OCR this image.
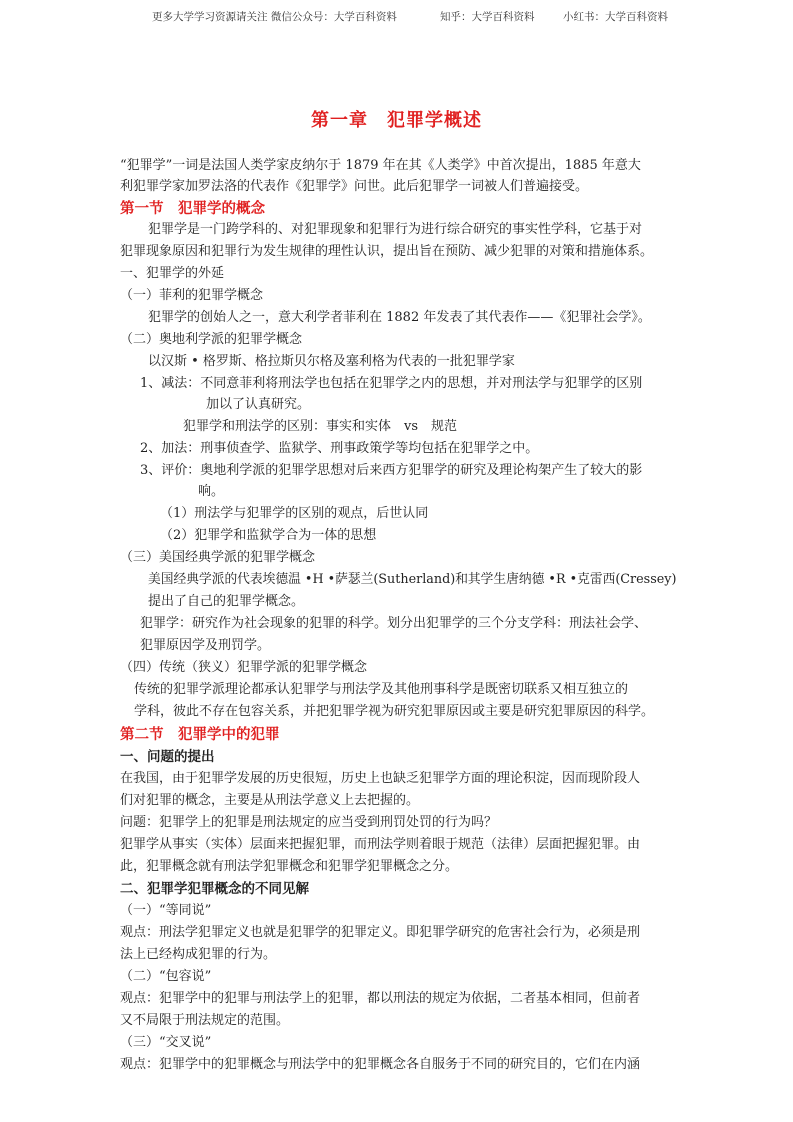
更多大学学习资源请关注 微信公众号：大学百科资料	知乎：大学百科资料	小红书：大学百科资料
第一章　犯罪学概述
“犯罪学”一词是法国人类学家皮纳尔于 1879 年在其《人类学》中首次提出，1885 年意大
利犯罪学家加罗法洛的代表作《犯罪学》问世。此后犯罪学一词被人们普遍接受。
第一节　犯罪学的概念
犯罪学是一门跨学科的、对犯罪现象和犯罪行为进行综合研究的事实性学科，它基于对
犯罪现象原因和犯罪行为发生规律的理性认识，提出旨在预防、减少犯罪的对策和措施体系。
一、犯罪学的外延
（一）菲利的犯罪学概念
犯罪学的创始人之一，意大利学者菲利在 1882 年发表了其代表作——《犯罪社会学》。
（二）奥地利学派的犯罪学概念
以汉斯 • 格罗斯、格拉斯贝尔格及塞利格为代表的一批犯罪学家
1、减法：不同意菲利将刑法学也包括在犯罪学之内的思想，并对刑法学与犯罪学的区别
加以了认真研究。
犯罪学和刑法学的区别：事实和实体　vs　规范
2、加法：刑事侦查学、监狱学、刑事政策学等均包括在犯罪学之中。
3、评价：奥地利学派的犯罪学思想对后来西方犯罪学的研究及理论构架产生了较大的影
响。
（1）刑法学与犯罪学的区别的观点，后世认同
（2）犯罪学和监狱学合为一体的思想
（三）美国经典学派的犯罪学概念
美国经典学派的代表埃德温 •H •萨瑟兰(Sutherland)和其学生唐纳德 •R •克雷西(Cressey)
提出了自己的犯罪学概念。
犯罪学：研究作为社会现象的犯罪的科学。划分出犯罪学的三个分支学科：刑法社会学、
犯罪原因学及刑罚学。
（四）传统（狭义）犯罪学派的犯罪学概念
传统的犯罪学派理论都承认犯罪学与刑法学及其他刑事科学是既密切联系又相互独立的
学科，彼此不存在包容关系，并把犯罪学视为研究犯罪原因或主要是研究犯罪原因的科学。
第二节　犯罪学中的犯罪
一、问题的提出
在我国，由于犯罪学发展的历史很短，历史上也缺乏犯罪学方面的理论积淀，因而现阶段人
们对犯罪的概念，主要是从刑法学意义上去把握的。
问题：犯罪学上的犯罪是刑法规定的应当受到刑罚处罚的行为吗？
犯罪学从事实（实体）层面来把握犯罪，而刑法学则着眼于规范（法律）层面把握犯罪。由
此，犯罪概念就有刑法学犯罪概念和犯罪学犯罪概念之分。
二、犯罪学犯罪概念的不同见解
（一）“等同说”
观点：刑法学犯罪定义也就是犯罪学的犯罪定义。即犯罪学研究的危害社会行为，必须是刑
法上已经构成犯罪的行为。
（二）“包容说”
观点：犯罪学中的犯罪与刑法学上的犯罪，都以刑法的规定为依据，二者基本相同，但前者
又不局限于刑法规定的范围。
（三）“交叉说”
观点：犯罪学中的犯罪概念与刑法学中的犯罪概念各自服务于不同的研究目的，它们在内涵
